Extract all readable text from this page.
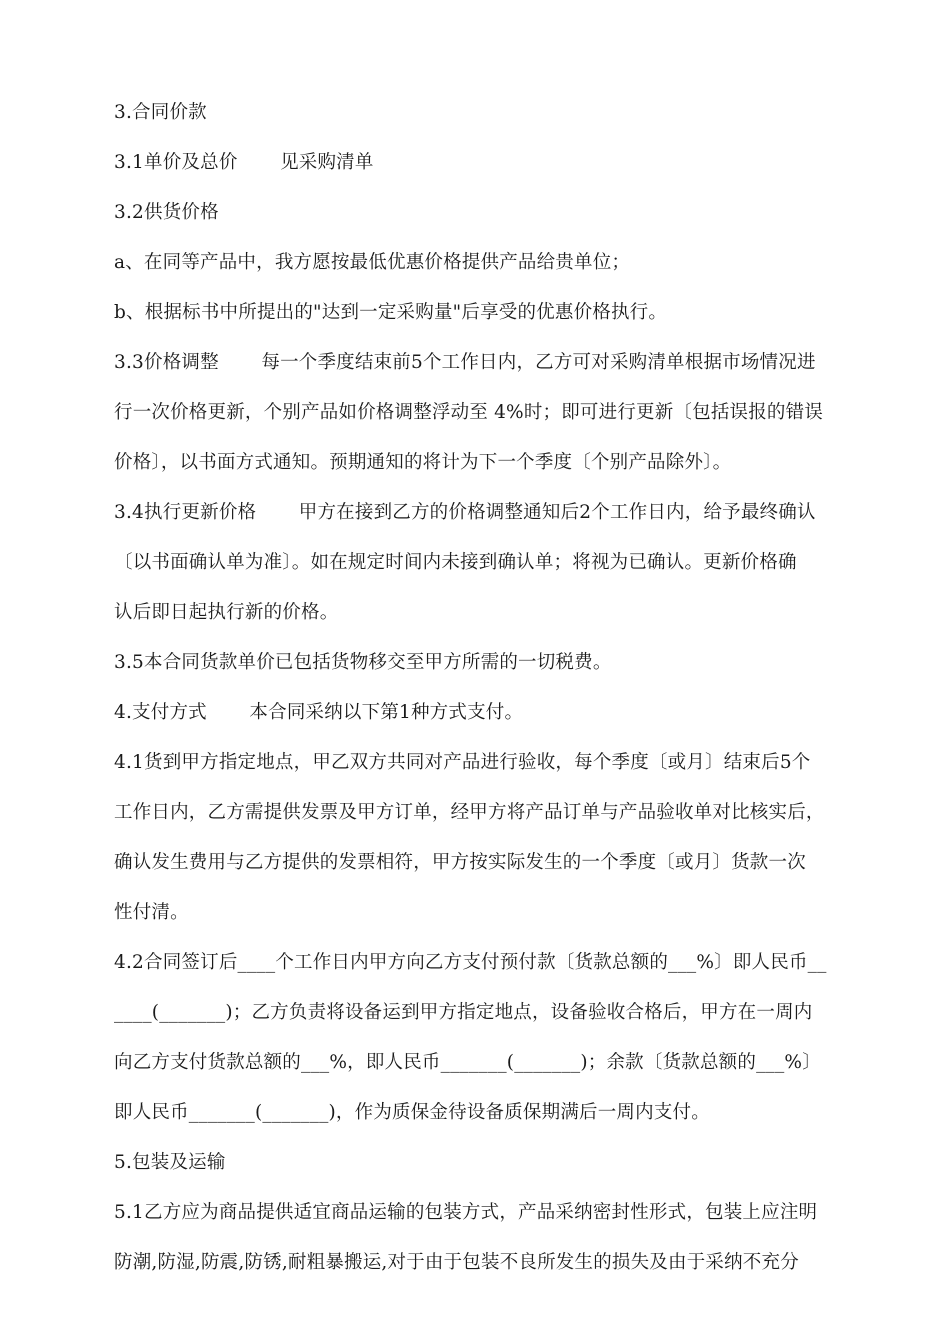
3.合同价款
3.1单价及总价       见采购清单
3.2供货价格
a、在同等产品中，我方愿按最低优惠价格提供产品给贵单位；
b、根据标书中所提出的"达到一定采购量"后享受的优惠价格执行。
3.3价格调整       每一个季度结束前5个工作日内，乙方可对采购清单根据市场情况进
行一次价格更新，个别产品如价格调整浮动至 4%时；即可进行更新〔包括误报的错误
价格〕，以书面方式通知。预期通知的将计为下一个季度〔个别产品除外〕。
3.4执行更新价格       甲方在接到乙方的价格调整通知后2个工作日内，给予最终确认
〔以书面确认单为准〕。如在规定时间内未接到确认单；将视为已确认。更新价格确
认后即日起执行新的价格。
3.5本合同货款单价已包括货物移交至甲方所需的一切税费。
4.支付方式       本合同采纳以下第1种方式支付。
4.1货到甲方指定地点，甲乙双方共同对产品进行验收，每个季度〔或月〕结束后5个
工作日内，乙方需提供发票及甲方订单，经甲方将产品订单与产品验收单对比核实后，
确认发生费用与乙方提供的发票相符，甲方按实际发生的一个季度〔或月〕货款一次
性付清。
4.2合同签订后____个工作日内甲方向乙方支付预付款〔货款总额的___%〕即人民币__
____(_______)；乙方负责将设备运到甲方指定地点，设备验收合格后，甲方在一周内
向乙方支付货款总额的___%，即人民币_______(_______)；余款〔货款总额的___%〕
即人民币_______(_______)，作为质保金待设备质保期满后一周内支付。
5.包装及运输
5.1乙方应为商品提供适宜商品运输的包装方式，产品采纳密封性形式，包装上应注明
防潮,防湿,防震,防锈,耐粗暴搬运,对于由于包装不良所发生的损失及由于采纳不充分
